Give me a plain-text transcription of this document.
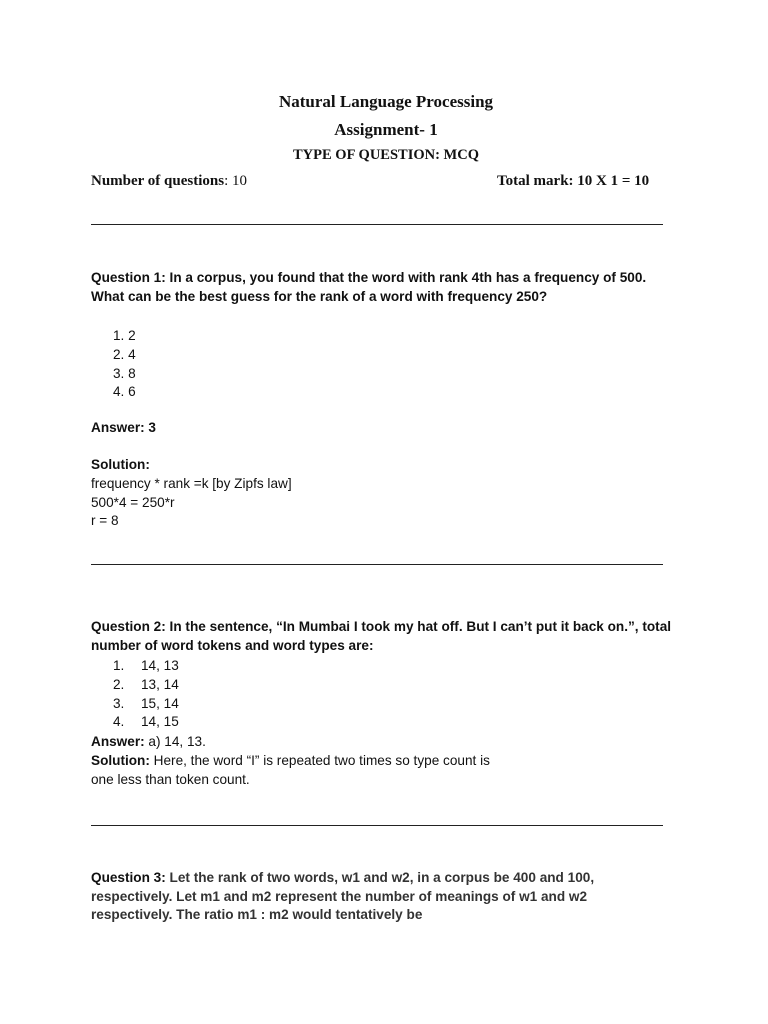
Natural Language Processing
Assignment- 1
TYPE OF QUESTION: MCQ
Number of questions: 10	Total mark: 10 X 1 = 10
Question 1: In a corpus, you found that the word with rank 4th has a frequency of 500.
What can be the best guess for the rank of a word with frequency 250?
1. 2
2. 4
3. 8
4. 6
Answer: 3
Solution:
frequency * rank =k [by Zipfs law]
500*4 = 250*r
r = 8
Question 2: In the sentence, “In Mumbai I took my hat off. But I can’t put it back on.”, total
number of word tokens and word types are:
1. 14, 13
2. 13, 14
3. 15, 14
4. 14, 15
Answer: a) 14, 13.
Solution: Here, the word “I” is repeated two times so type count is
one less than token count.
Question 3: Let the rank of two words, w1 and w2, in a corpus be 400 and 100,
respectively. Let m1 and m2 represent the number of meanings of w1 and w2
respectively. The ratio m1 : m2 would tentatively be
